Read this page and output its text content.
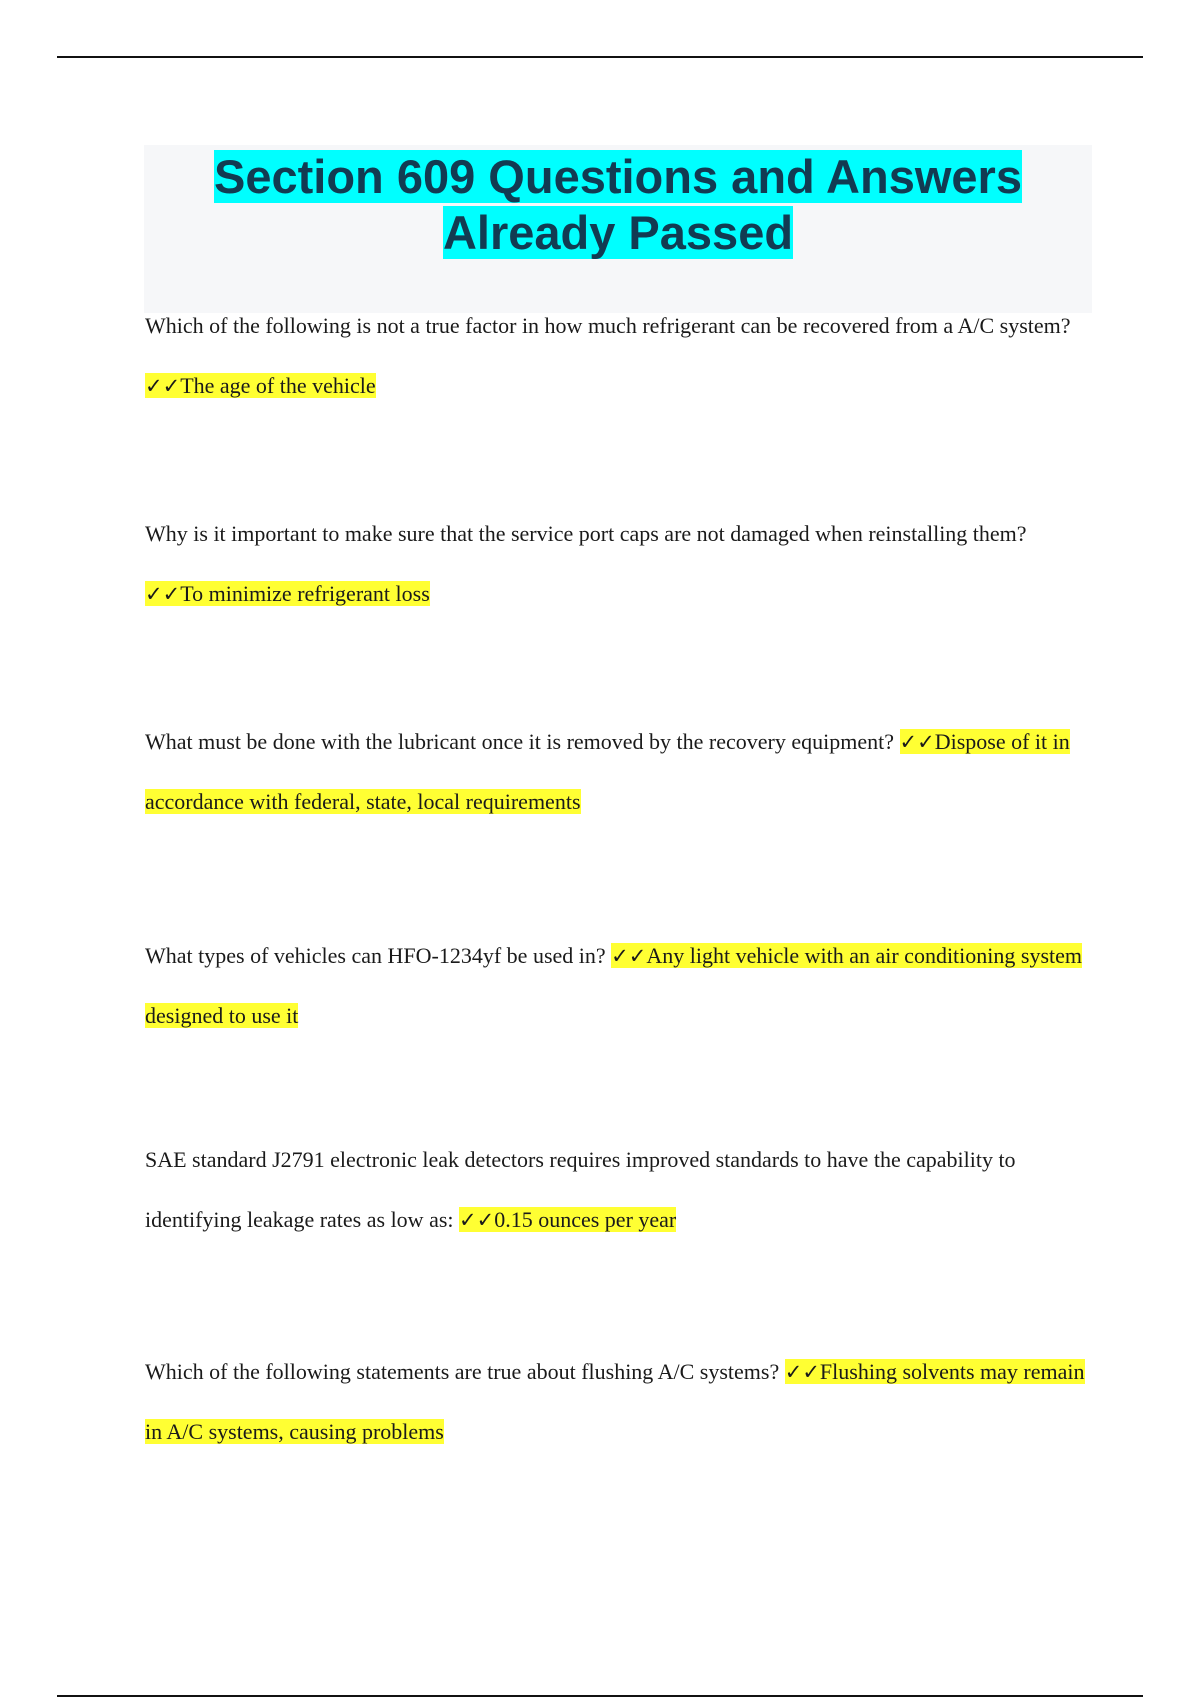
Section 609 Questions and Answers
Already Passed
Which of the following is not a true factor in how much refrigerant can be recovered from a A/C system? ✓✓The age of the vehicle
Why is it important to make sure that the service port caps are not damaged when reinstalling them? ✓✓To minimize refrigerant loss
What must be done with the lubricant once it is removed by the recovery equipment? ✓✓Dispose of it in accordance with federal, state, local requirements
What types of vehicles can HFO-1234yf be used in? ✓✓Any light vehicle with an air conditioning system designed to use it
SAE standard J2791 electronic leak detectors requires improved standards to have the capability to identifying leakage rates as low as: ✓✓0.15 ounces per year
Which of the following statements are true about flushing A/C systems? ✓✓Flushing solvents may remain in A/C systems, causing problems
